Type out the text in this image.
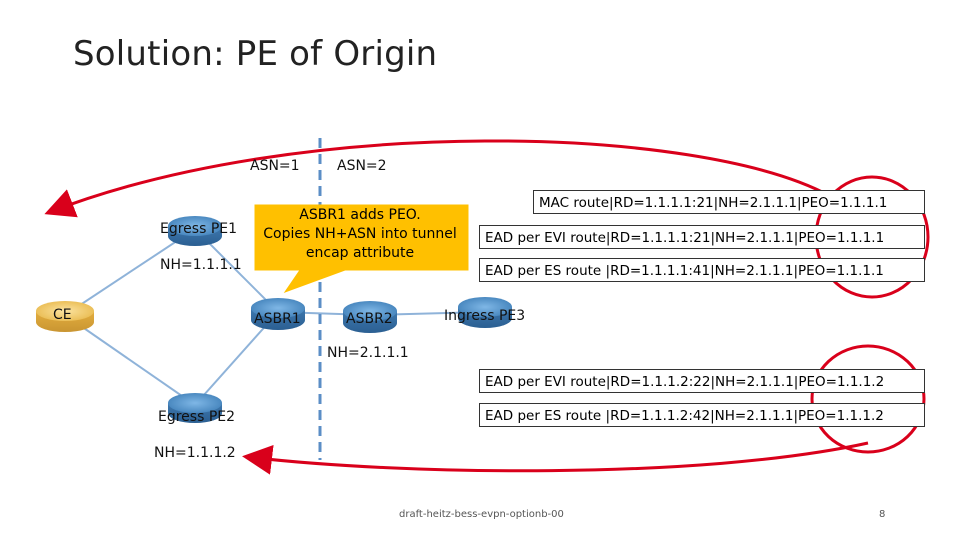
Solution: PE of Origin
ASN=1	ASN=2
Egress PE1
NH=1.1.1.1
Egress PE2
NH=1.1.1.2
CE	ASBR1	ASBR2
NH=2.1.1.1
Ingress PE3
ASBR1 adds PEO.
Copies NH+ASN into tunnel
encap attribute
MAC route|RD=1.1.1.1:21|NH=2.1.1.1|PEO=1.1.1.1
EAD per EVI route|RD=1.1.1.1:21|NH=2.1.1.1|PEO=1.1.1.1
EAD per ES route |RD=1.1.1.1:41|NH=2.1.1.1|PEO=1.1.1.1
EAD per EVI route|RD=1.1.1.2:22|NH=2.1.1.1|PEO=1.1.1.2
EAD per ES route |RD=1.1.1.2:42|NH=2.1.1.1|PEO=1.1.1.2
draft-heitz-bess-evpn-optionb-00	8
